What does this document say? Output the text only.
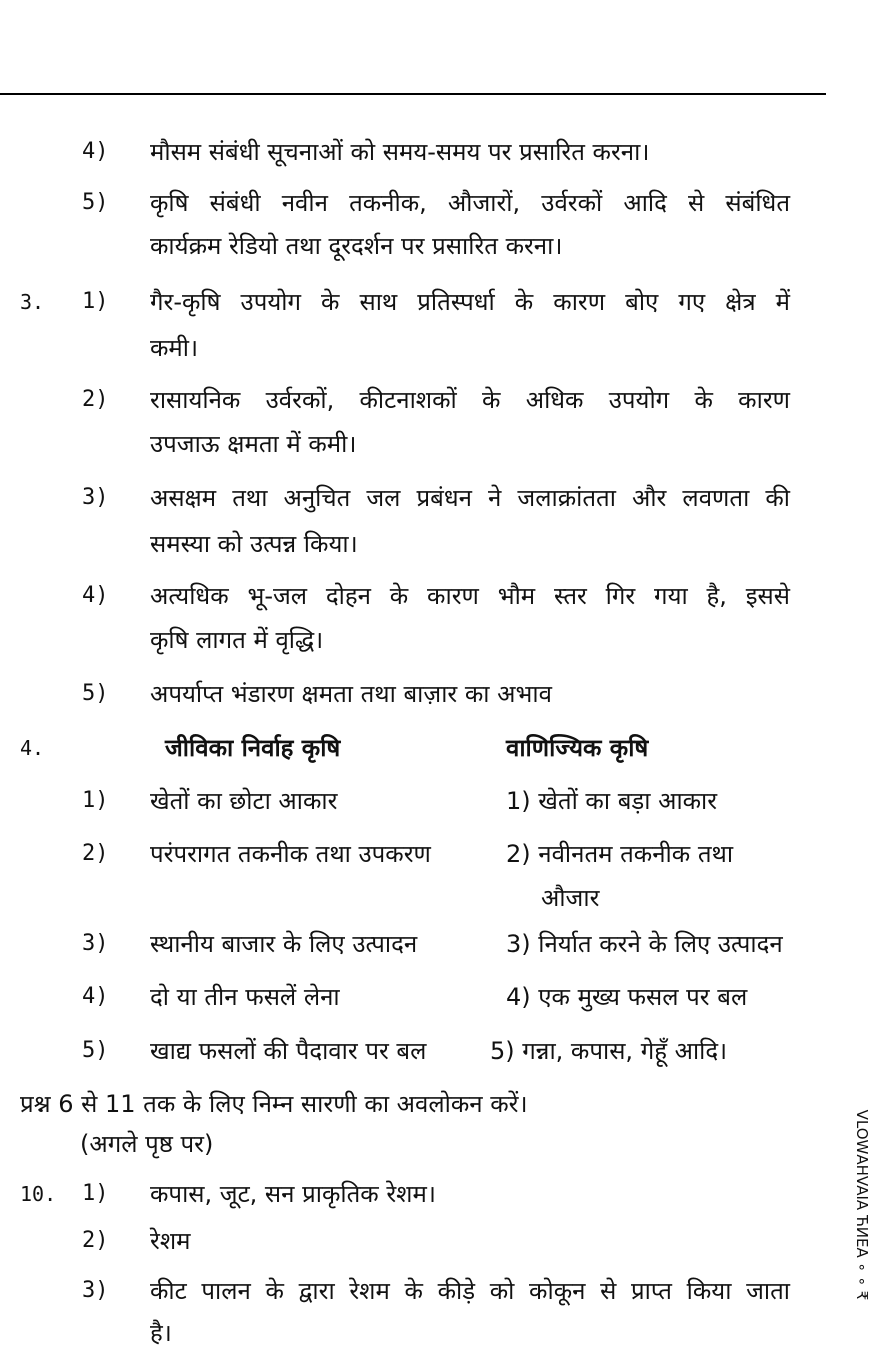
4) मौसम संबंधी सूचनाओं को समय-समय पर प्रसारित करना।
5) कृषि संबंधी नवीन तकनीक, औजारों, उर्वरकों आदि से संबंधित
कार्यक्रम रेडियो तथा दूरदर्शन पर प्रसारित करना।
3. 1) गैर-कृषि उपयोग के साथ प्रतिस्पर्धा के कारण बोए गए क्षेत्र में
कमी।
2) रासायनिक उर्वरकों, कीटनाशकों के अधिक उपयोग के कारण
उपजाऊ क्षमता में कमी।
3) असक्षम तथा अनुचित जल प्रबंधन ने जलाक्रांतता और लवणता की
समस्या को उत्पन्न किया।
4) अत्यधिक भू-जल दोहन के कारण भौम स्तर गिर गया है, इससे
कृषि लागत में वृद्धि।
5) अपर्याप्त भंडारण क्षमता तथा बाज़ार का अभाव
4.	जीविका निर्वाह कृषि	वाणिज्यिक कृषि
1) खेतों का छोटा आकार	1) खेतों का बड़ा आकार
2) परंपरागत तकनीक तथा उपकरण	2) नवीनतम तकनीक तथा
औजार
3) स्थानीय बाजार के लिए उत्पादन	3) निर्यात करने के लिए उत्पादन
4) दो या तीन फसलें लेना	4) एक मुख्य फसल पर बल
5) खाद्य फसलों की पैदावार पर बल	5) गन्ना, कपास, गेहूँ आदि।
प्रश्न 6 से 11 तक के लिए निम्न सारणी का अवलोकन करें।
(अगले पृष्ठ पर)
10. 1) कपास, जूट, सन प्राकृतिक रेशम।
2) रेशम
3) कीट पालन के द्वारा रेशम के कीड़े को कोकून से प्राप्त किया जाता
है।
VLOWΑΗVAIA ЋИЕΑ ∘ ∘ ₹
